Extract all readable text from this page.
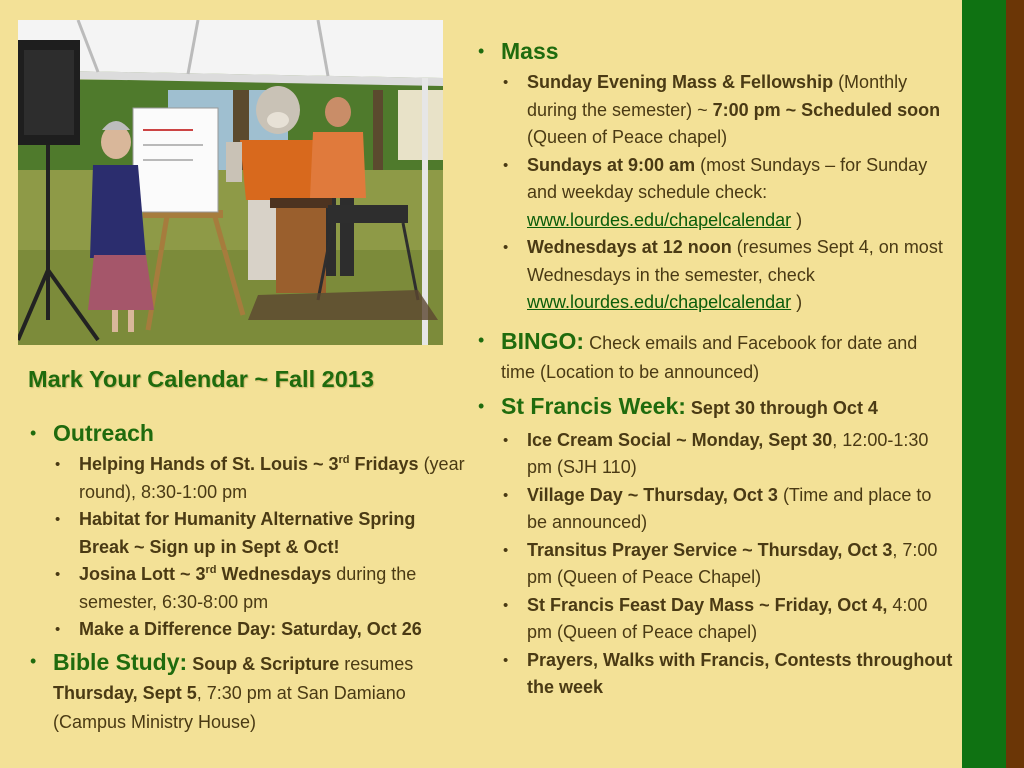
Mark Your Calendar ~ Fall 2013
• Outreach
• Helping Hands of St. Louis ~ 3rd Fridays (year round), 8:30-1:00 pm
• Habitat for Humanity Alternative Spring Break ~ Sign up in Sept & Oct!
• Josina Lott ~ 3rd Wednesdays during the semester, 6:30-8:00 pm
• Make a Difference Day: Saturday, Oct 26
• Bible Study: Soup & Scripture resumes Thursday, Sept 5, 7:30 pm at San Damiano (Campus Ministry House)
• Mass
• Sunday Evening Mass & Fellowship (Monthly during the semester) ~ 7:00 pm ~ Scheduled soon (Queen of Peace chapel)
• Sundays at 9:00 am (most Sundays – for Sunday and weekday schedule check: www.lourdes.edu/chapelcalendar )
• Wednesdays at 12 noon (resumes Sept 4, on most Wednesdays in the semester, check www.lourdes.edu/chapelcalendar )
• BINGO: Check emails and Facebook for date and time (Location to be announced)
• St Francis Week: Sept 30 through Oct 4
• Ice Cream Social ~ Monday, Sept 30, 12:00-1:30 pm (SJH 110)
• Village Day ~ Thursday, Oct 3 (Time and place to be announced)
• Transitus Prayer Service ~ Thursday, Oct 3, 7:00 pm (Queen of Peace Chapel)
• St Francis Feast Day Mass ~ Friday, Oct 4, 4:00 pm (Queen of Peace chapel)
• Prayers, Walks with Francis, Contests throughout the week
